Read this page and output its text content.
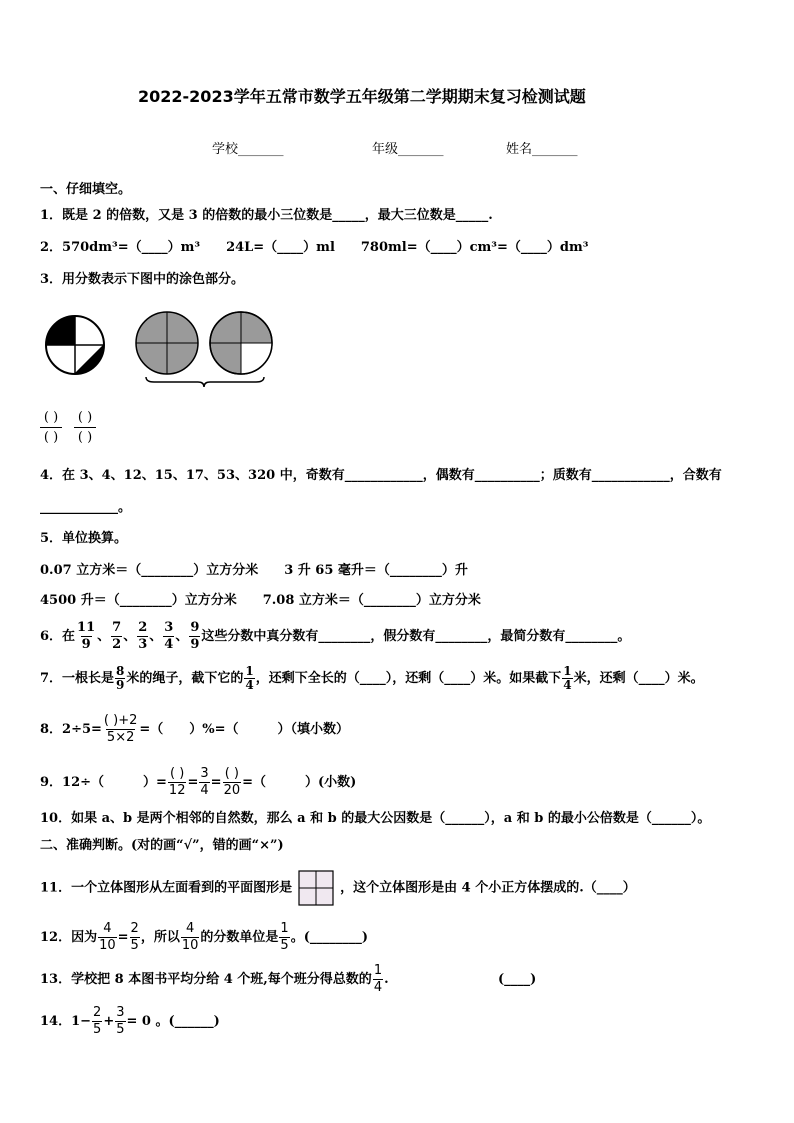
2022-2023学年五常市数学五年级第二学期期末复习检测试题
学校_______	年级_______	姓名_______
一、仔细填空。
1．既是 2 的倍数，又是 3 的倍数的最小三位数是_____，最大三位数是_____.
2．570dm³=（____）m³　　24L=（____）ml　　780ml=（____）cm³=（____）dm³
3．用分数表示下图中的涂色部分。
( )
( )
( )
( )
4．在 3、4、12、15、17、53、320 中，奇数有____________，偶数有__________；质数有____________，合数有
____________。
5．单位换算。
0.07 立方米＝（________）立方分米　　3 升 65 毫升＝（________）升
4500 升＝（________）立方分米　　7.08 立方米＝（________）立方分米
6．在 $\frac{11}{9}$ 、 $\frac{7}{2}$ 、 $\frac{2}{3}$ 、 $\frac{3}{4}$ 、 $\frac{9}{9}$ 这些分数中真分数有________，假分数有________，最简分数有________。
7．一根长是 $\frac{8}{9}$ 米的绳子，截下它的 $\frac{1}{4}$ ，还剩下全长的（____），还剩（____）米。如果截下 $\frac{1}{4}$ 米，还剩（____）米。
8．$2\div 5= \frac{( )+2}{5\times 2}$ =（　　）%=（　　　）（填小数）
9．12÷（　　　）= $\frac{( )}{12} = \frac{3}{4} = \frac{( )}{20}$ =（　　　）(小数)
10．如果 a、b 是两个相邻的自然数，那么 a 和 b 的最大公因数是（______），a 和 b 的最小公倍数是（______）。
二、准确判断。(对的画“√”，错的画“×”)
11．一个立体图形从左面看到的平面图形是	，这个立体图形是由 4 个小正方体摆成的.（____）
12．因为 $\frac{4}{10} = \frac{2}{5}$ ，所以 $\frac{4}{10}$ 的分数单位是 $\frac{1}{5}$ 。(________)
13．学校把 8 本图书平均分给 4 个班,每个班分得总数的 $\frac{1}{4}$ .	(____)
14．$1- \frac{2}{5} + \frac{3}{5} = 0$ 。(______)
